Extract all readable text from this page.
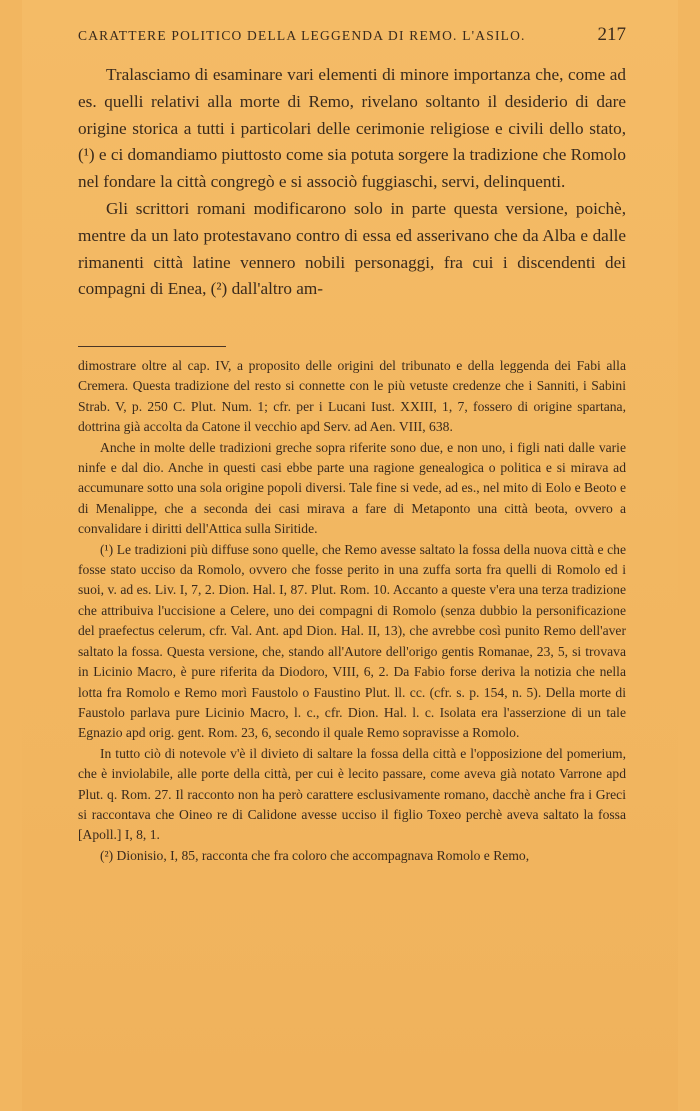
CARATTERE POLITICO DELLA LEGGENDA DI REMO. L'ASILO.	217

Tralasciamo di esaminare vari elementi di minore importanza che, come ad es. quelli relativi alla morte di Remo, rivelano soltanto il desiderio di dare origine storica a tutti i particolari delle cerimonie religiose e civili dello stato, (¹) e ci domandiamo piuttosto come sia potuta sorgere la tradizione che Romolo nel fondare la città congregò e si associò fuggiaschi, servi, delinquenti.

Gli scrittori romani modificarono solo in parte questa versione, poichè, mentre da un lato protestavano contro di essa ed asserivano che da Alba e dalle rimanenti città latine vennero nobili personaggi, fra cui i discendenti dei compagni di Enea, (²) dall'altro am-

dimostrare oltre al cap. IV, a proposito delle origini del tribunato e della leggenda dei Fabi alla Cremera. Questa tradizione del resto si connette con le più vetuste credenze che i Sanniti, i Sabini Strab. V, p. 250 C. Plut. Num. 1; cfr. per i Lucani Iust. XXIII, 1, 7, fossero di origine spartana, dottrina già accolta da Catone il vecchio apd Serv. ad Aen. VIII, 638.

Anche in molte delle tradizioni greche sopra riferite sono due, e non uno, i figli nati dalle varie ninfe e dal dio. Anche in questi casi ebbe parte una ragione genealogica o politica e si mirava ad accumunare sotto una sola origine popoli diversi. Tale fine si vede, ad es., nel mito di Eolo e Beoto e di Menalippe, che a seconda dei casi mirava a fare di Metaponto una città beota, ovvero a convalidare i diritti dell'Attica sulla Siritide.

(¹) Le tradizioni più diffuse sono quelle, che Remo avesse saltato la fossa della nuova città e che fosse stato ucciso da Romolo, ovvero che fosse perito in una zuffa sorta fra quelli di Romolo ed i suoi, v. ad es. Liv. I, 7, 2. Dion. Hal. I, 87. Plut. Rom. 10. Accanto a queste v'era una terza tradizione che attribuiva l'uccisione a Celere, uno dei compagni di Romolo (senza dubbio la personificazione del praefectus celerum, cfr. Val. Ant. apd Dion. Hal. II, 13), che avrebbe così punito Remo dell'aver saltato la fossa. Questa versione, che, stando all'Autore dell'origo gentis Romanae, 23, 5, si trovava in Licinio Macro, è pure riferita da Diodoro, VIII, 6, 2. Da Fabio forse deriva la notizia che nella lotta fra Romolo e Remo morì Faustolo o Faustino Plut. ll. cc. (cfr. s. p. 154, n. 5). Della morte di Faustolo parlava pure Licinio Macro, l. c., cfr. Dion. Hal. l. c. Isolata era l'asserzione di un tale Egnazio apd orig. gent. Rom. 23, 6, secondo il quale Remo sopravisse a Romolo.

In tutto ciò di notevole v'è il divieto di saltare la fossa della città e l'opposizione del pomerium, che è inviolabile, alle porte della città, per cui è lecito passare, come aveva già notato Varrone apd Plut. q. Rom. 27. Il racconto non ha però carattere esclusivamente romano, dacchè anche fra i Greci si raccontava che Oineo re di Calidone avesse ucciso il figlio Toxeo perchè aveva saltato la fossa [Apoll.] I, 8, 1.

(²) Dionisio, I, 85, racconta che fra coloro che accompagnava Romolo e Remo,
